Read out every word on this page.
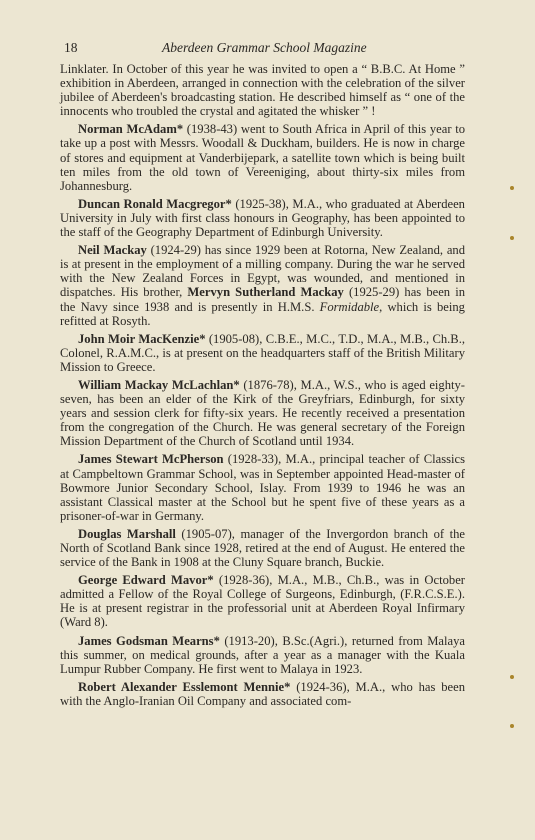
18	Aberdeen Grammar School Magazine

Linklater. In October of this year he was invited to open a “ B.B.C. At Home ” exhibition in Aberdeen, arranged in connection with the celebration of the silver jubilee of Aberdeen's broadcasting station. He described himself as “ one of the innocents who troubled the crystal and agitated the whisker ” !

Norman McAdam* (1938-43) went to South Africa in April of this year to take up a post with Messrs. Woodall & Duckham, builders. He is now in charge of stores and equipment at Vanderbijepark, a satellite town which is being built ten miles from the old town of Vereeniging, about thirty-six miles from Johannesburg.

Duncan Ronald Macgregor* (1925-38), M.A., who graduated at Aberdeen University in July with first class honours in Geography, has been appointed to the staff of the Geography Department of Edinburgh University.

Neil Mackay (1924-29) has since 1929 been at Rotorna, New Zealand, and is at present in the employment of a milling company. During the war he served with the New Zealand Forces in Egypt, was wounded, and mentioned in dispatches. His brother, Mervyn Sutherland Mackay (1925-29) has been in the Navy since 1938 and is presently in H.M.S. Formidable, which is being refitted at Rosyth.

John Moir MacKenzie* (1905-08), C.B.E., M.C., T.D., M.A., M.B., Ch.B., Colonel, R.A.M.C., is at present on the headquarters staff of the British Military Mission to Greece.

William Mackay McLachlan* (1876-78), M.A., W.S., who is aged eighty-seven, has been an elder of the Kirk of the Greyfriars, Edinburgh, for sixty years and session clerk for fifty-six years. He recently received a presentation from the congregation of the Church. He was general secretary of the Foreign Mission Department of the Church of Scotland until 1934.

James Stewart McPherson (1928-33), M.A., principal teacher of Classics at Campbeltown Grammar School, was in September appointed Head-master of Bowmore Junior Secondary School, Islay. From 1939 to 1946 he was an assistant Classical master at the School but he spent five of these years as a prisoner-of-war in Germany.

Douglas Marshall (1905-07), manager of the Invergordon branch of the North of Scotland Bank since 1928, retired at the end of August. He entered the service of the Bank in 1908 at the Cluny Square branch, Buckie.

George Edward Mavor* (1928-36), M.A., M.B., Ch.B., was in October admitted a Fellow of the Royal College of Surgeons, Edinburgh, (F.R.C.S.E.). He is at present registrar in the professorial unit at Aberdeen Royal Infirmary (Ward 8).

James Godsman Mearns* (1913-20), B.Sc.(Agri.), returned from Malaya this summer, on medical grounds, after a year as a manager with the Kuala Lumpur Rubber Company. He first went to Malaya in 1923.

Robert Alexander Esslemont Mennie* (1924-36), M.A., who has been with the Anglo-Iranian Oil Company and associated com-
